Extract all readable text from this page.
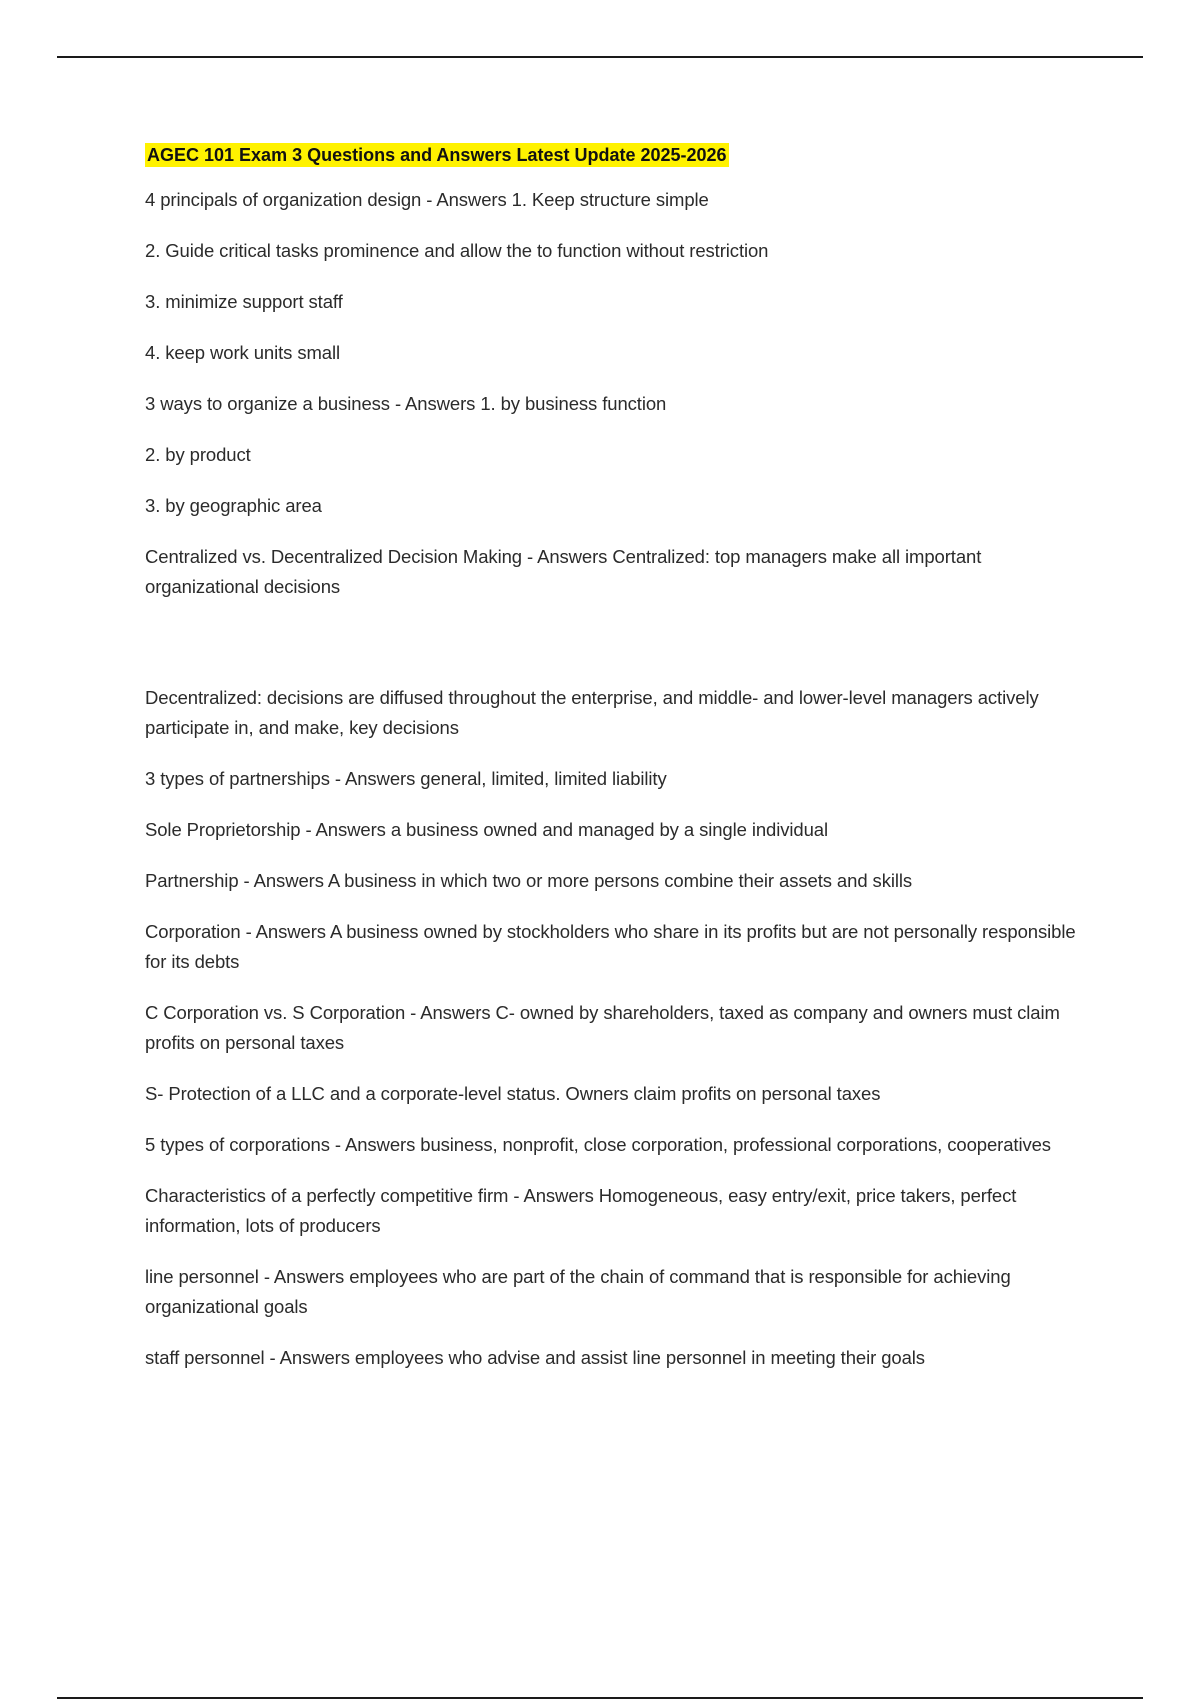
AGEC 101 Exam 3 Questions and Answers Latest Update 2025-2026

4 principals of organization design - Answers 1. Keep structure simple

2. Guide critical tasks prominence and allow the to function without restriction

3. minimize support staff

4. keep work units small

3 ways to organize a business - Answers 1. by business function

2. by product

3. by geographic area

Centralized vs. Decentralized Decision Making - Answers Centralized: top managers make all important organizational decisions

Decentralized: decisions are diffused throughout the enterprise, and middle- and lower-level managers actively participate in, and make, key decisions

3 types of partnerships - Answers general, limited, limited liability

Sole Proprietorship - Answers a business owned and managed by a single individual

Partnership - Answers A business in which two or more persons combine their assets and skills

Corporation - Answers A business owned by stockholders who share in its profits but are not personally responsible for its debts

C Corporation vs. S Corporation - Answers C- owned by shareholders, taxed as company and owners must claim profits on personal taxes

S- Protection of a LLC and a corporate-level status. Owners claim profits on personal taxes

5 types of corporations - Answers business, nonprofit, close corporation, professional corporations, cooperatives

Characteristics of a perfectly competitive firm - Answers Homogeneous, easy entry/exit, price takers, perfect information, lots of producers

line personnel - Answers employees who are part of the chain of command that is responsible for achieving organizational goals

staff personnel - Answers employees who advise and assist line personnel in meeting their goals
